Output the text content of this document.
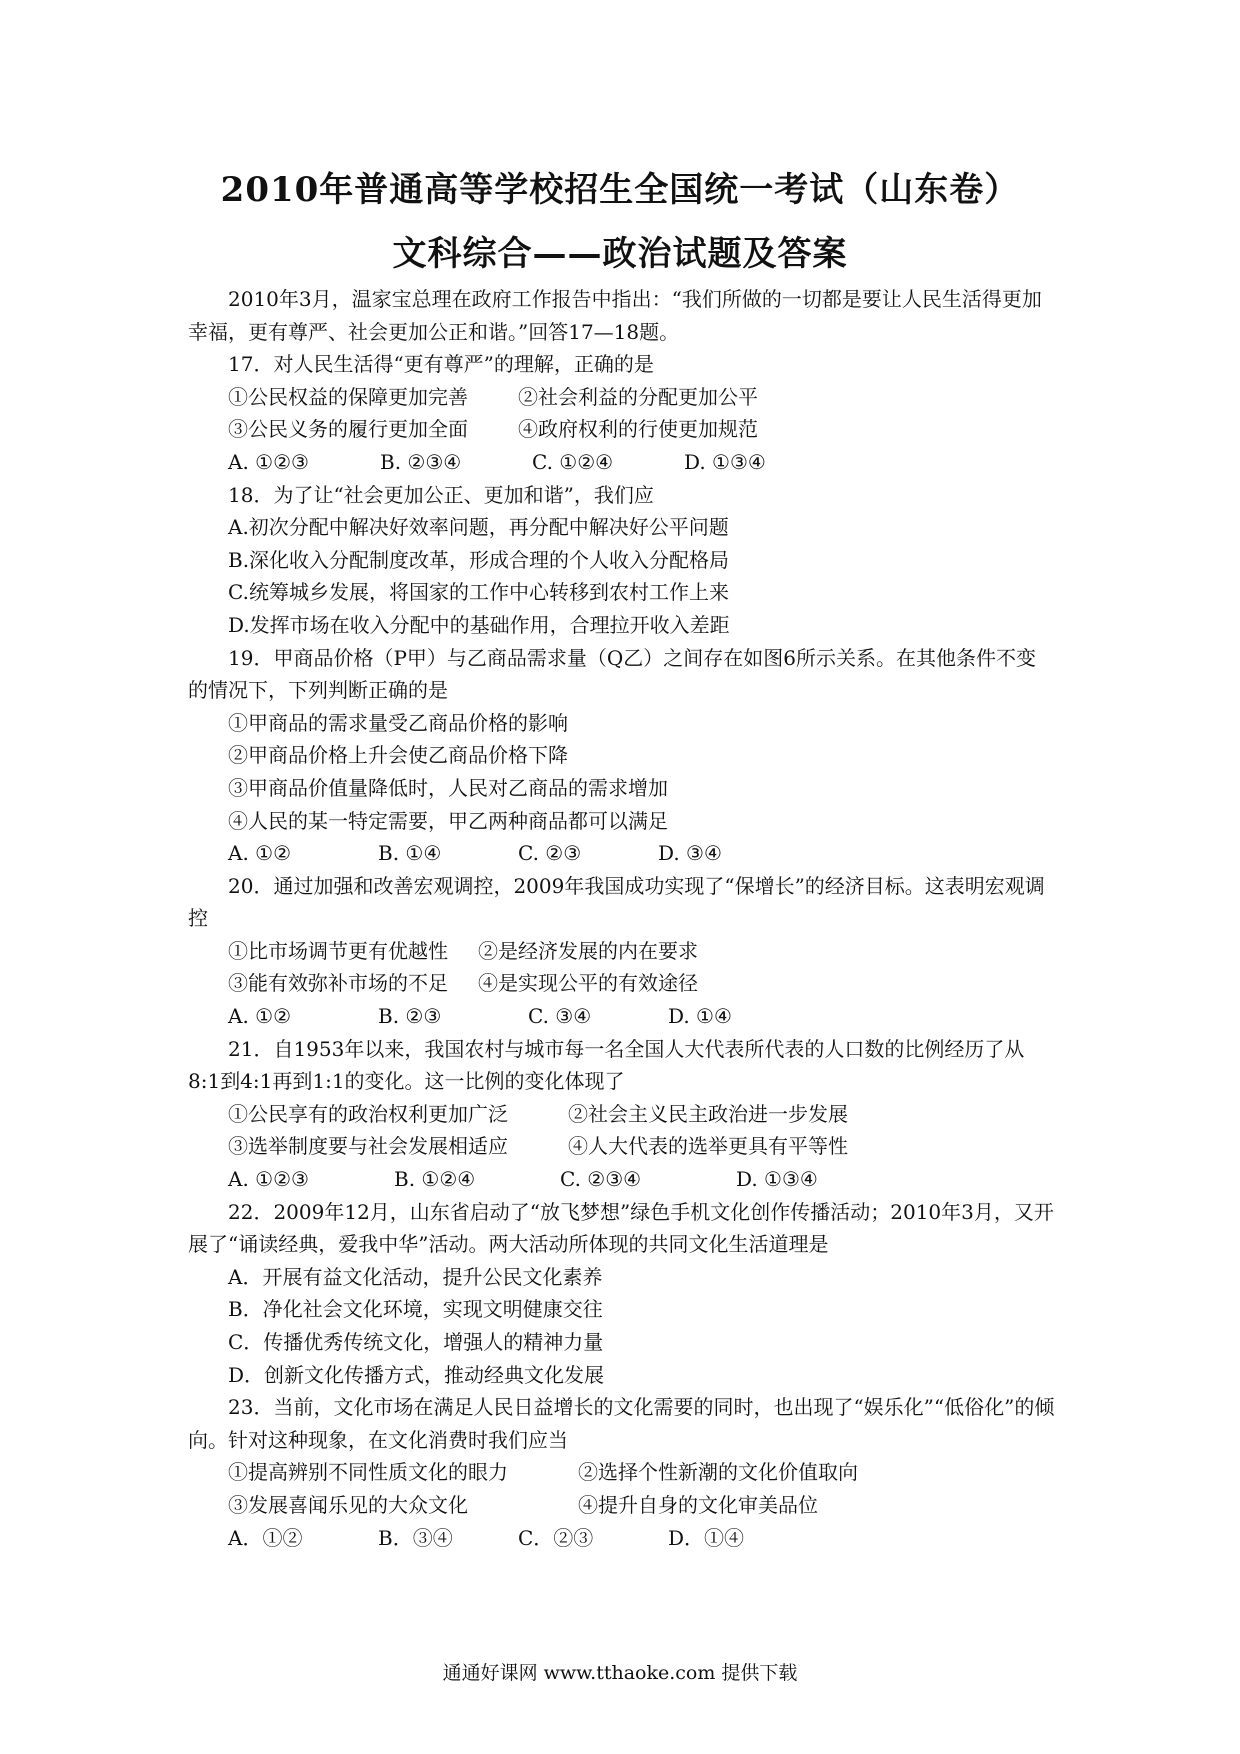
2010年普通高等学校招生全国统一考试（山东卷）
文科综合——政治试题及答案

2010年3月，温家宝总理在政府工作报告中指出：“我们所做的一切都是要让人民生活得更加幸福，更有尊严、社会更加公正和谐。”回答17—18题。

17．对人民生活得“更有尊严”的理解，正确的是

①公民权益的保障更加完善	②社会利益的分配更加公平
③公民义务的履行更加全面	④政府权利的行使更加规范
A. ①②③	B. ②③④	C. ①②④	D. ①③④

18．为了让“社会更加公正、更加和谐”，我们应

A.初次分配中解决好效率问题，再分配中解决好公平问题

B.深化收入分配制度改革，形成合理的个人收入分配格局

C.统筹城乡发展，将国家的工作中心转移到农村工作上来

D.发挥市场在收入分配中的基础作用，合理拉开收入差距

19．甲商品价格（P甲）与乙商品需求量（Q乙）之间存在如图6所示关系。在其他条件不变的情况下，下列判断正确的是

①甲商品的需求量受乙商品价格的影响

②甲商品价格上升会使乙商品价格下降

③甲商品价值量降低时，人民对乙商品的需求增加

④人民的某一特定需要，甲乙两种商品都可以满足

A. ①②	B. ①④	C. ②③	D. ③④

20．通过加强和改善宏观调控，2009年我国成功实现了“保增长”的经济目标。这表明宏观调控

①比市场调节更有优越性	②是经济发展的内在要求
③能有效弥补市场的不足	④是实现公平的有效途径
A. ①②	B. ②③	C. ③④	D. ①④

21．自1953年以来，我国农村与城市每一名全国人大代表所代表的人口数的比例经历了从8:1到4:1再到1:1的变化。这一比例的变化体现了

①公民享有的政治权利更加广泛	②社会主义民主政治进一步发展
③选举制度要与社会发展相适应	④人大代表的选举更具有平等性
A. ①②③	B. ①②④	C. ②③④	D. ①③④

22．2009年12月，山东省启动了“放飞梦想”绿色手机文化创作传播活动；2010年3月，又开展了“诵读经典，爱我中华”活动。两大活动所体现的共同文化生活道理是

A．开展有益文化活动，提升公民文化素养

B．净化社会文化环境，实现文明健康交往

C．传播优秀传统文化，增强人的精神力量

D．创新文化传播方式，推动经典文化发展

23．当前，文化市场在满足人民日益增长的文化需要的同时，也出现了“娱乐化”“低俗化”的倾向。针对这种现象，在文化消费时我们应当

①提高辨别不同性质文化的眼力	②选择个性新潮的文化价值取向
③发展喜闻乐见的大众文化	④提升自身的文化审美品位
A．①②	B．③④	C．②③	D．①④
通通好课网 www.tthaoke.com 提供下载
